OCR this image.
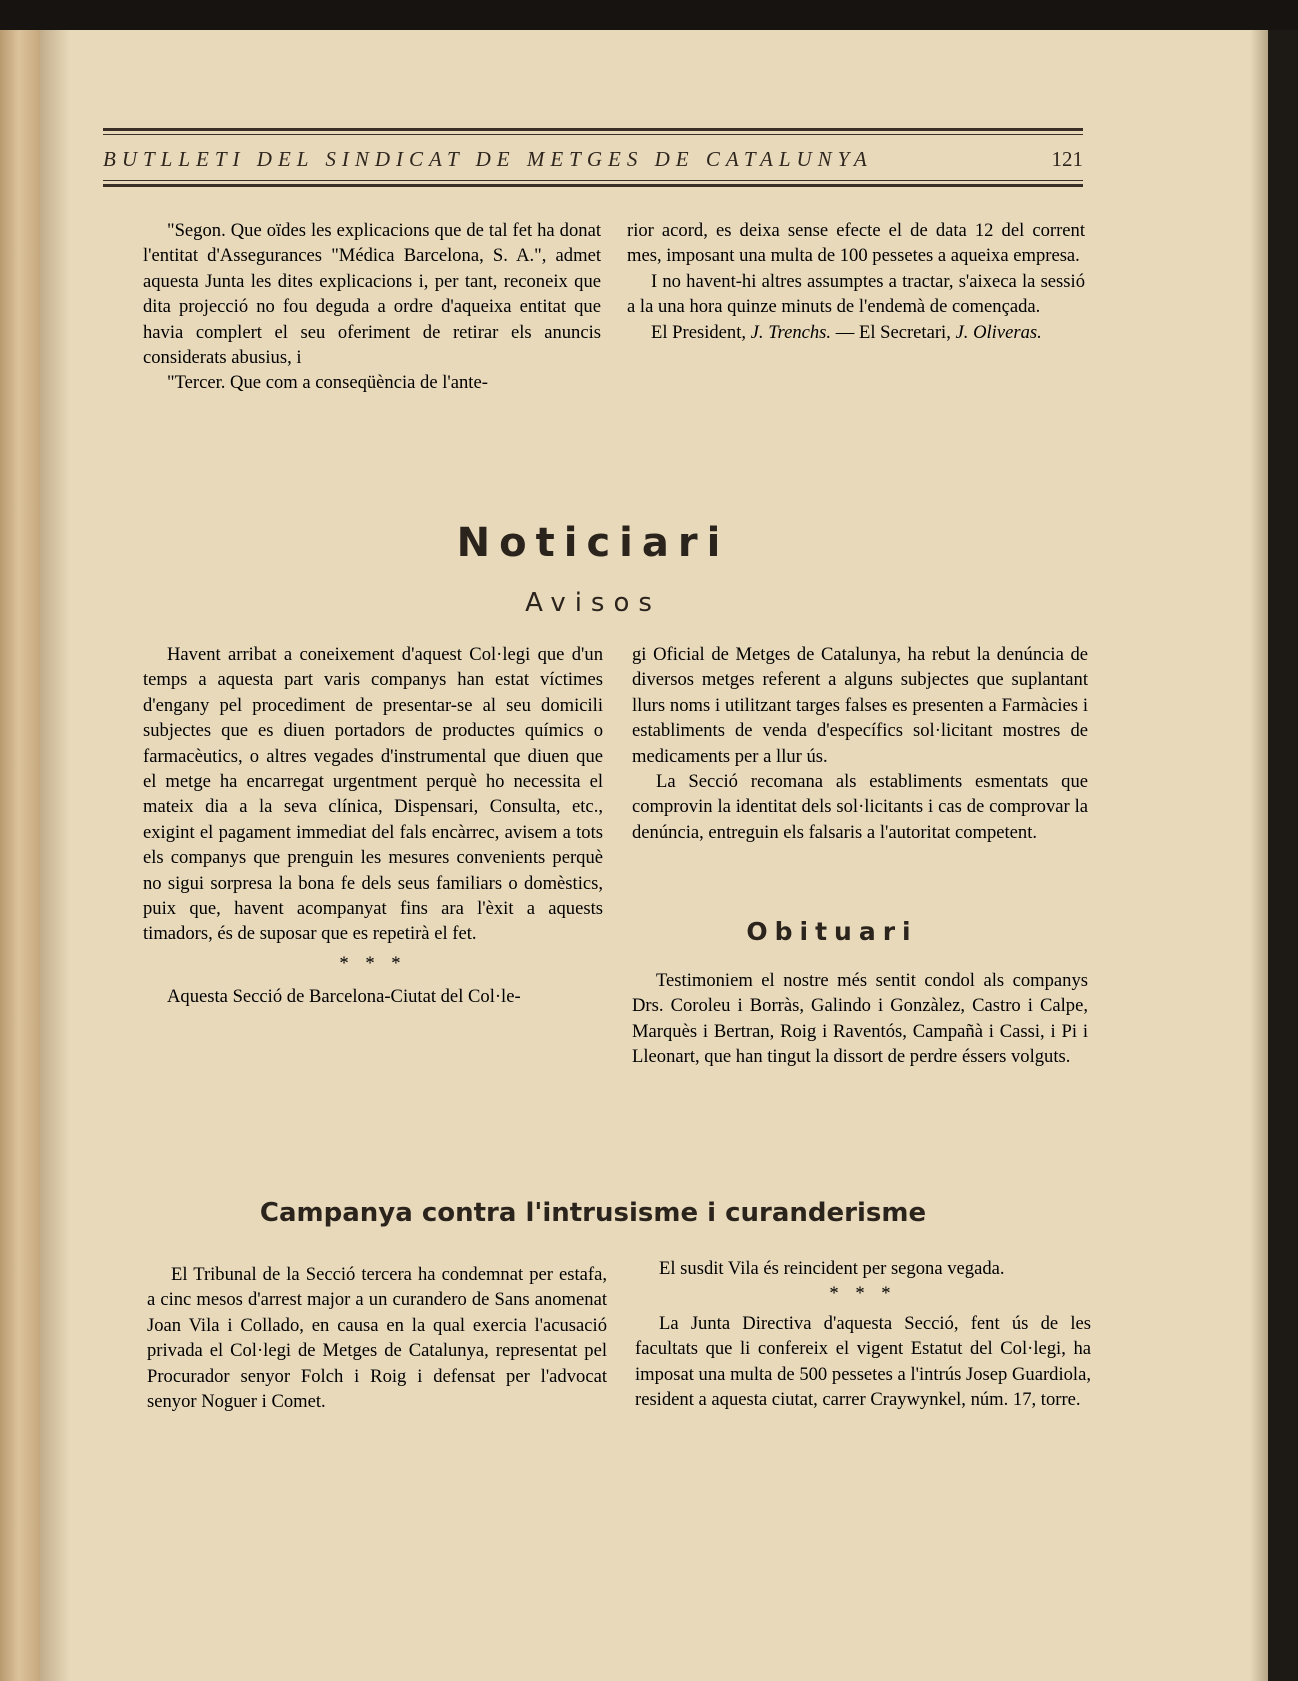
BUTLLETI DEL SINDICAT DE METGES DE CATALUNYA	121

"Segon. Que oïdes les explicacions que de tal fet ha donat l'entitat d'Assegurances "Médica Barcelona, S. A.", admet aquesta Junta les dites explicacions i, per tant, reconeix que dita projecció no fou deguda a ordre d'aqueixa entitat que havia complert el seu oferiment de retirar els anuncis considerats abusius, i

"Tercer. Que com a conseqüència de l'ante-

rior acord, es deixa sense efecte el de data 12 del corrent mes, imposant una multa de 100 pessetes a aqueixa empresa.

I no havent-hi altres assumptes a tractar, s'aixeca la sessió a la una hora quinze minuts de l'endemà de començada.

El President, J. Trenchs. — El Secretari, J. Oliveras.

Noticiari
Avisos

Havent arribat a coneixement d'aquest Col·legi que d'un temps a aquesta part varis companys han estat víctimes d'engany pel procediment de presentar-se al seu domicili subjectes que es diuen portadors de productes químics o farmacèutics, o altres vegades d'instrumental que diuen que el metge ha encarregat urgentment perquè ho necessita el mateix dia a la seva clínica, Dispensari, Consulta, etc., exigint el pagament immediat del fals encàrrec, avisem a tots els companys que prenguin les mesures convenients perquè no sigui sorpresa la bona fe dels seus familiars o domèstics, puix que, havent acompanyat fins ara l'èxit a aquests timadors, és de suposar que es repetirà el fet.

* * *

Aquesta Secció de Barcelona-Ciutat del Col·le-

gi Oficial de Metges de Catalunya, ha rebut la denúncia de diversos metges referent a alguns subjectes que suplantant llurs noms i utilitzant targes falses es presenten a Farmàcies i establiments de venda d'específics sol·licitant mostres de medicaments per a llur ús.

La Secció recomana als establiments esmentats que comprovin la identitat dels sol·licitants i cas de comprovar la denúncia, entreguin els falsaris a l'autoritat competent.

Obituari

Testimoniem el nostre més sentit condol als companys Drs. Coroleu i Borràs, Galindo i Gonzàlez, Castro i Calpe, Marquès i Bertran, Roig i Raventós, Campañà i Cassi, i Pi i Lleonart, que han tingut la dissort de perdre éssers volguts.

Campanya contra l'intrusisme i curanderisme

El Tribunal de la Secció tercera ha condemnat per estafa, a cinc mesos d'arrest major a un curandero de Sans anomenat Joan Vila i Collado, en causa en la qual exercia l'acusació privada el Col·legi de Metges de Catalunya, representat pel Procurador senyor Folch i Roig i defensat per l'advocat senyor Noguer i Comet.

El susdit Vila és reincident per segona vegada.

* * *

La Junta Directiva d'aquesta Secció, fent ús de les facultats que li confereix el vigent Estatut del Col·legi, ha imposat una multa de 500 pessetes a l'intrús Josep Guardiola, resident a aquesta ciutat, carrer Craywynkel, núm. 17, torre.
